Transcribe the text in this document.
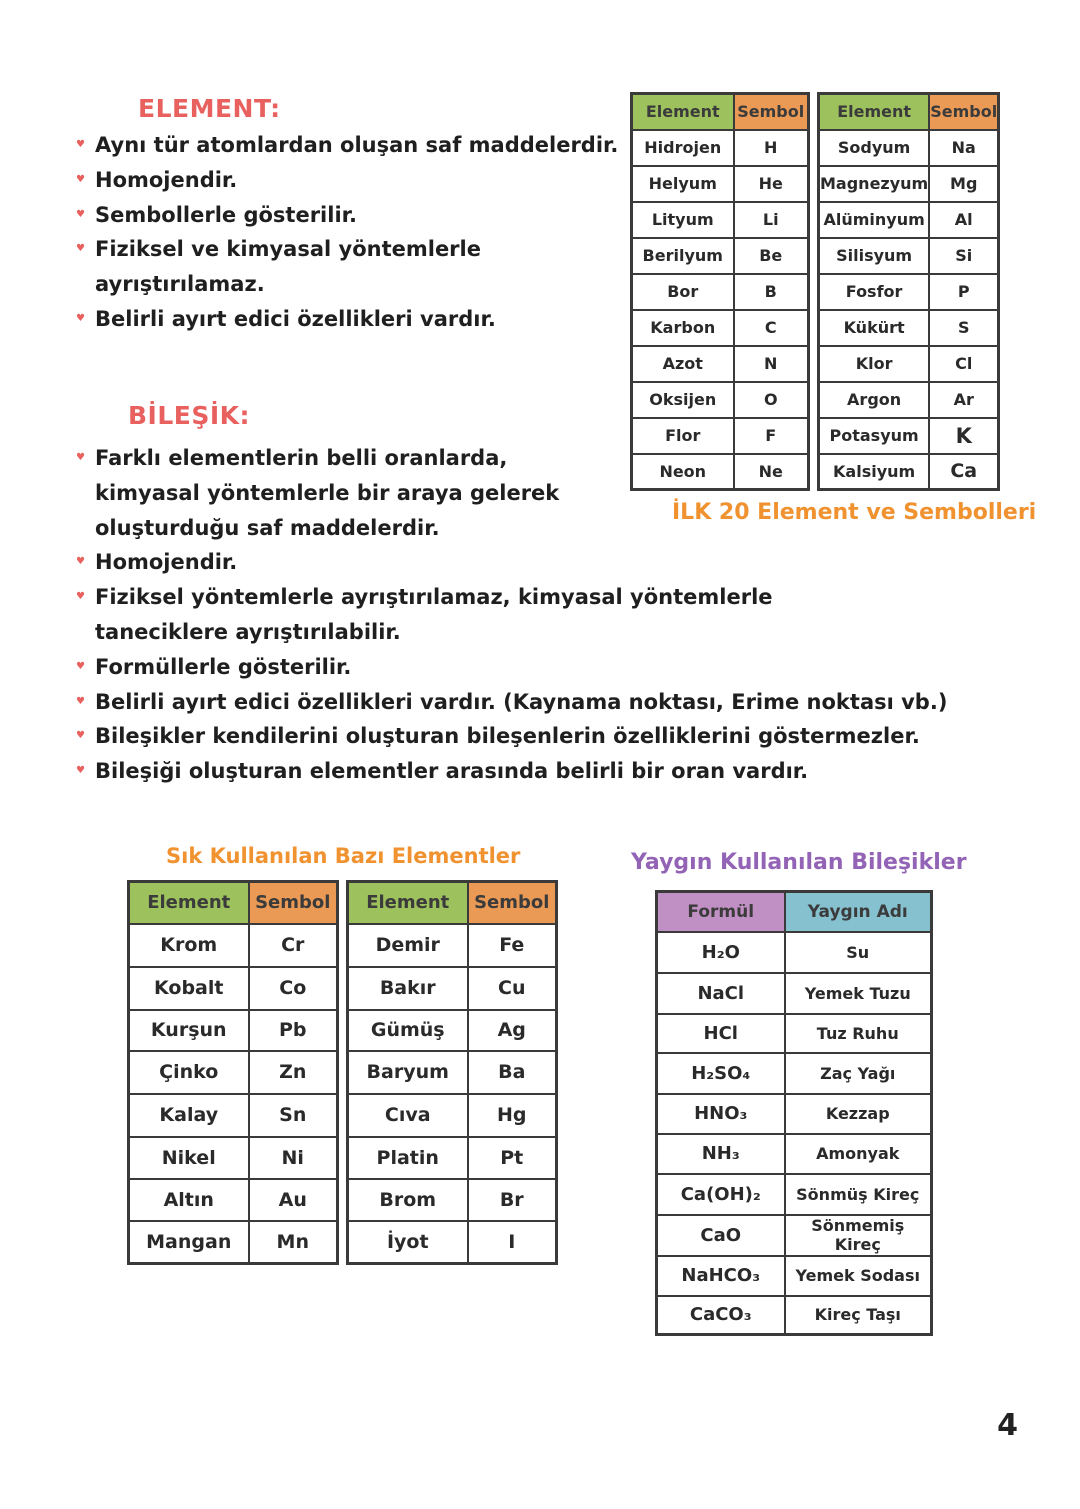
ELEMENT:
♥ Aynı tür atomlardan oluşan saf maddelerdir.
♥ Homojendir.
♥ Sembollerle gösterilir.
♥ Fiziksel ve kimyasal yöntemlerle ayrıştırılamaz.
♥ Belirli ayırt edici özellikleri vardır.
BİLEŞİK:
♥ Farklı elementlerin belli oranlarda, kimyasal yöntemlerle bir araya gelerek oluşturduğu saf maddelerdir.
♥ Homojendir.
♥ Fiziksel yöntemlerle ayrıştırılamaz, kimyasal yöntemlerle taneciklere ayrıştırılabilir.
♥ Formüllerle gösterilir.
♥ Belirli ayırt edici özellikleri vardır. (Kaynama noktası, Erime noktası vb.)
♥ Bileşikler kendilerini oluşturan bileşenlerin özelliklerini göstermezler.
♥ Bileşiği oluşturan elementler arasında belirli bir oran vardır.
Element	Sembol
Hidrojen	H
Helyum	He
Lityum	Li
Berilyum	Be
Bor	B
Karbon	C
Azot	N
Oksijen	O
Flor	F
Neon	Ne
Element	Sembol
Sodyum	Na
Magnezyum	Mg
Alüminyum	Al
Silisyum	Si
Fosfor	P
Kükürt	S
Klor	Cl
Argon	Ar
Potasyum	K
Kalsiyum	Ca
İLK 20 Element ve Sembolleri
Sık Kullanılan Bazı Elementler
Element	Sembol
Krom	Cr
Kobalt	Co
Kurşun	Pb
Çinko	Zn
Kalay	Sn
Nikel	Ni
Altın	Au
Mangan	Mn
Element	Sembol
Demir	Fe
Bakır	Cu
Gümüş	Ag
Baryum	Ba
Cıva	Hg
Platin	Pt
Brom	Br
İyot	I
Yaygın Kullanılan Bileşikler
Formül	Yaygın Adı
H₂O	Su
NaCl	Yemek Tuzu
HCl	Tuz Ruhu
H₂SO₄	Zaç Yağı
HNO₃	Kezzap
NH₃	Amonyak
Ca(OH)₂	Sönmüş Kireç
CaO	Sönmemiş Kireç
NaHCO₃	Yemek Sodası
CaCO₃	Kireç Taşı
4
